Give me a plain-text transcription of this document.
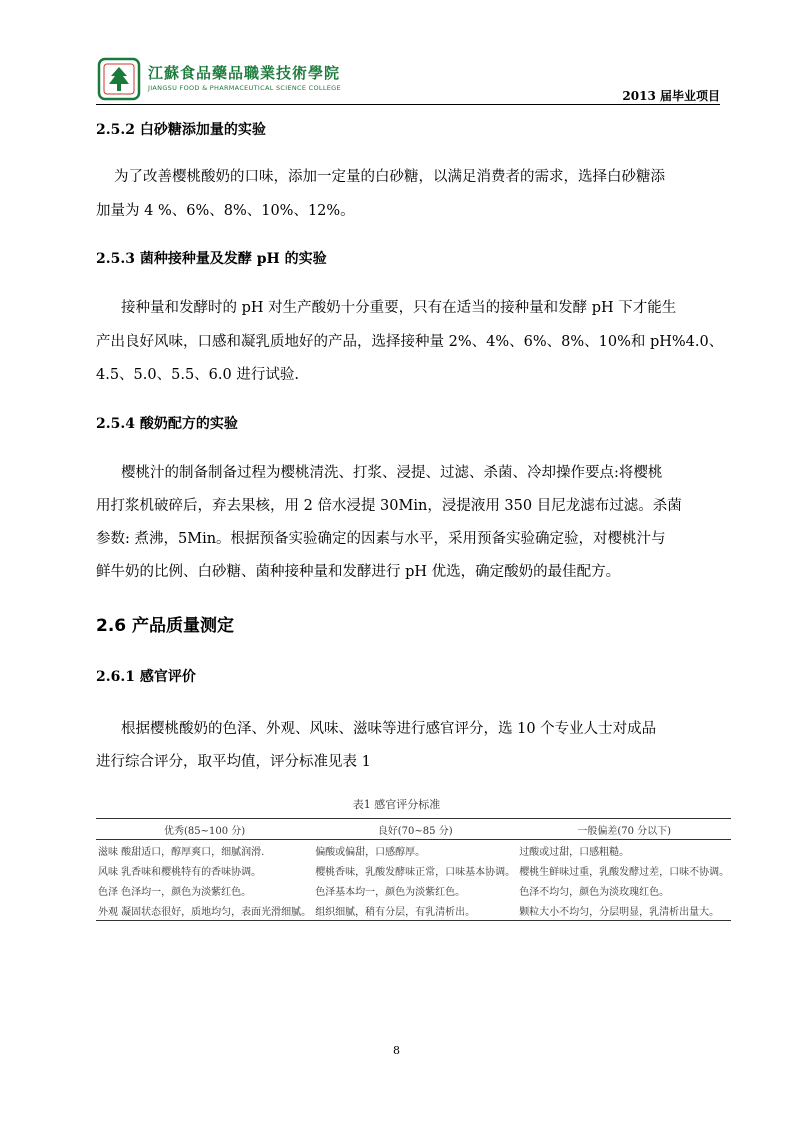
江蘇食品藥品職業技術學院
JIANGSU FOOD & PHARMACEUTICAL SCIENCE COLLEGE
2013 届毕业项目
2.5.2 白砂糖添加量的实验
为了改善樱桃酸奶的口味，添加一定量的白砂糖，以满足消费者的需求，选择白砂糖添
加量为 4 %、6%、8%、10%、12%。
2.5.3 菌种接种量及发酵 pH 的实验
接种量和发酵时的 pH 对生产酸奶十分重要，只有在适当的接种量和发酵 pH 下才能生
产出良好风味，口感和凝乳质地好的产品，选择接种量 2%、4%、6%、8%、10%和 pH%4.0、
4.5、5.0、5.5、6.0 进行试验.
2.5.4 酸奶配方的实验
樱桃汁的制备制备过程为樱桃清洗、打浆、浸提、过滤、杀菌、冷却操作要点:将樱桃
用打浆机破碎后，弃去果核，用 2 倍水浸提 30Min，浸提液用 350 目尼龙滤布过滤。杀菌
参数: 煮沸，5Min。根据预备实验确定的因素与水平，采用预备实验确定验，对樱桃汁与
鲜牛奶的比例、白砂糖、菌种接种量和发酵进行 pH 优选，确定酸奶的最佳配方。
2.6 产品质量测定
2.6.1 感官评价
根据樱桃酸奶的色泽、外观、风味、滋味等进行感官评分，选 10 个专业人士对成品
进行综合评分，取平均值，评分标准见表 1
表1 感官评分标准
优秀(85~100 分)	良好(70~85 分)	一般偏差(70 分以下)
滋味 酸甜适口，醇厚爽口，细腻润滑.	偏酸或偏甜，口感醇厚。	过酸或过甜，口感粗糙。
风味 乳香味和樱桃特有的香味协调。	樱桃香味，乳酸发酵味正常，口味基本协调。	樱桃生鲜味过重，乳酸发酵过差，口味不协调。
色泽 色泽均一，颜色为淡紫红色。	色泽基本均一，颜色为淡紫红色。	色泽不均匀，颜色为淡玫瑰红色。
外观 凝固状态很好，质地均匀，表面光滑细腻。	组织细腻，稍有分层，有乳清析出。	颗粒大小不均匀，分层明显，乳清析出量大。
8
